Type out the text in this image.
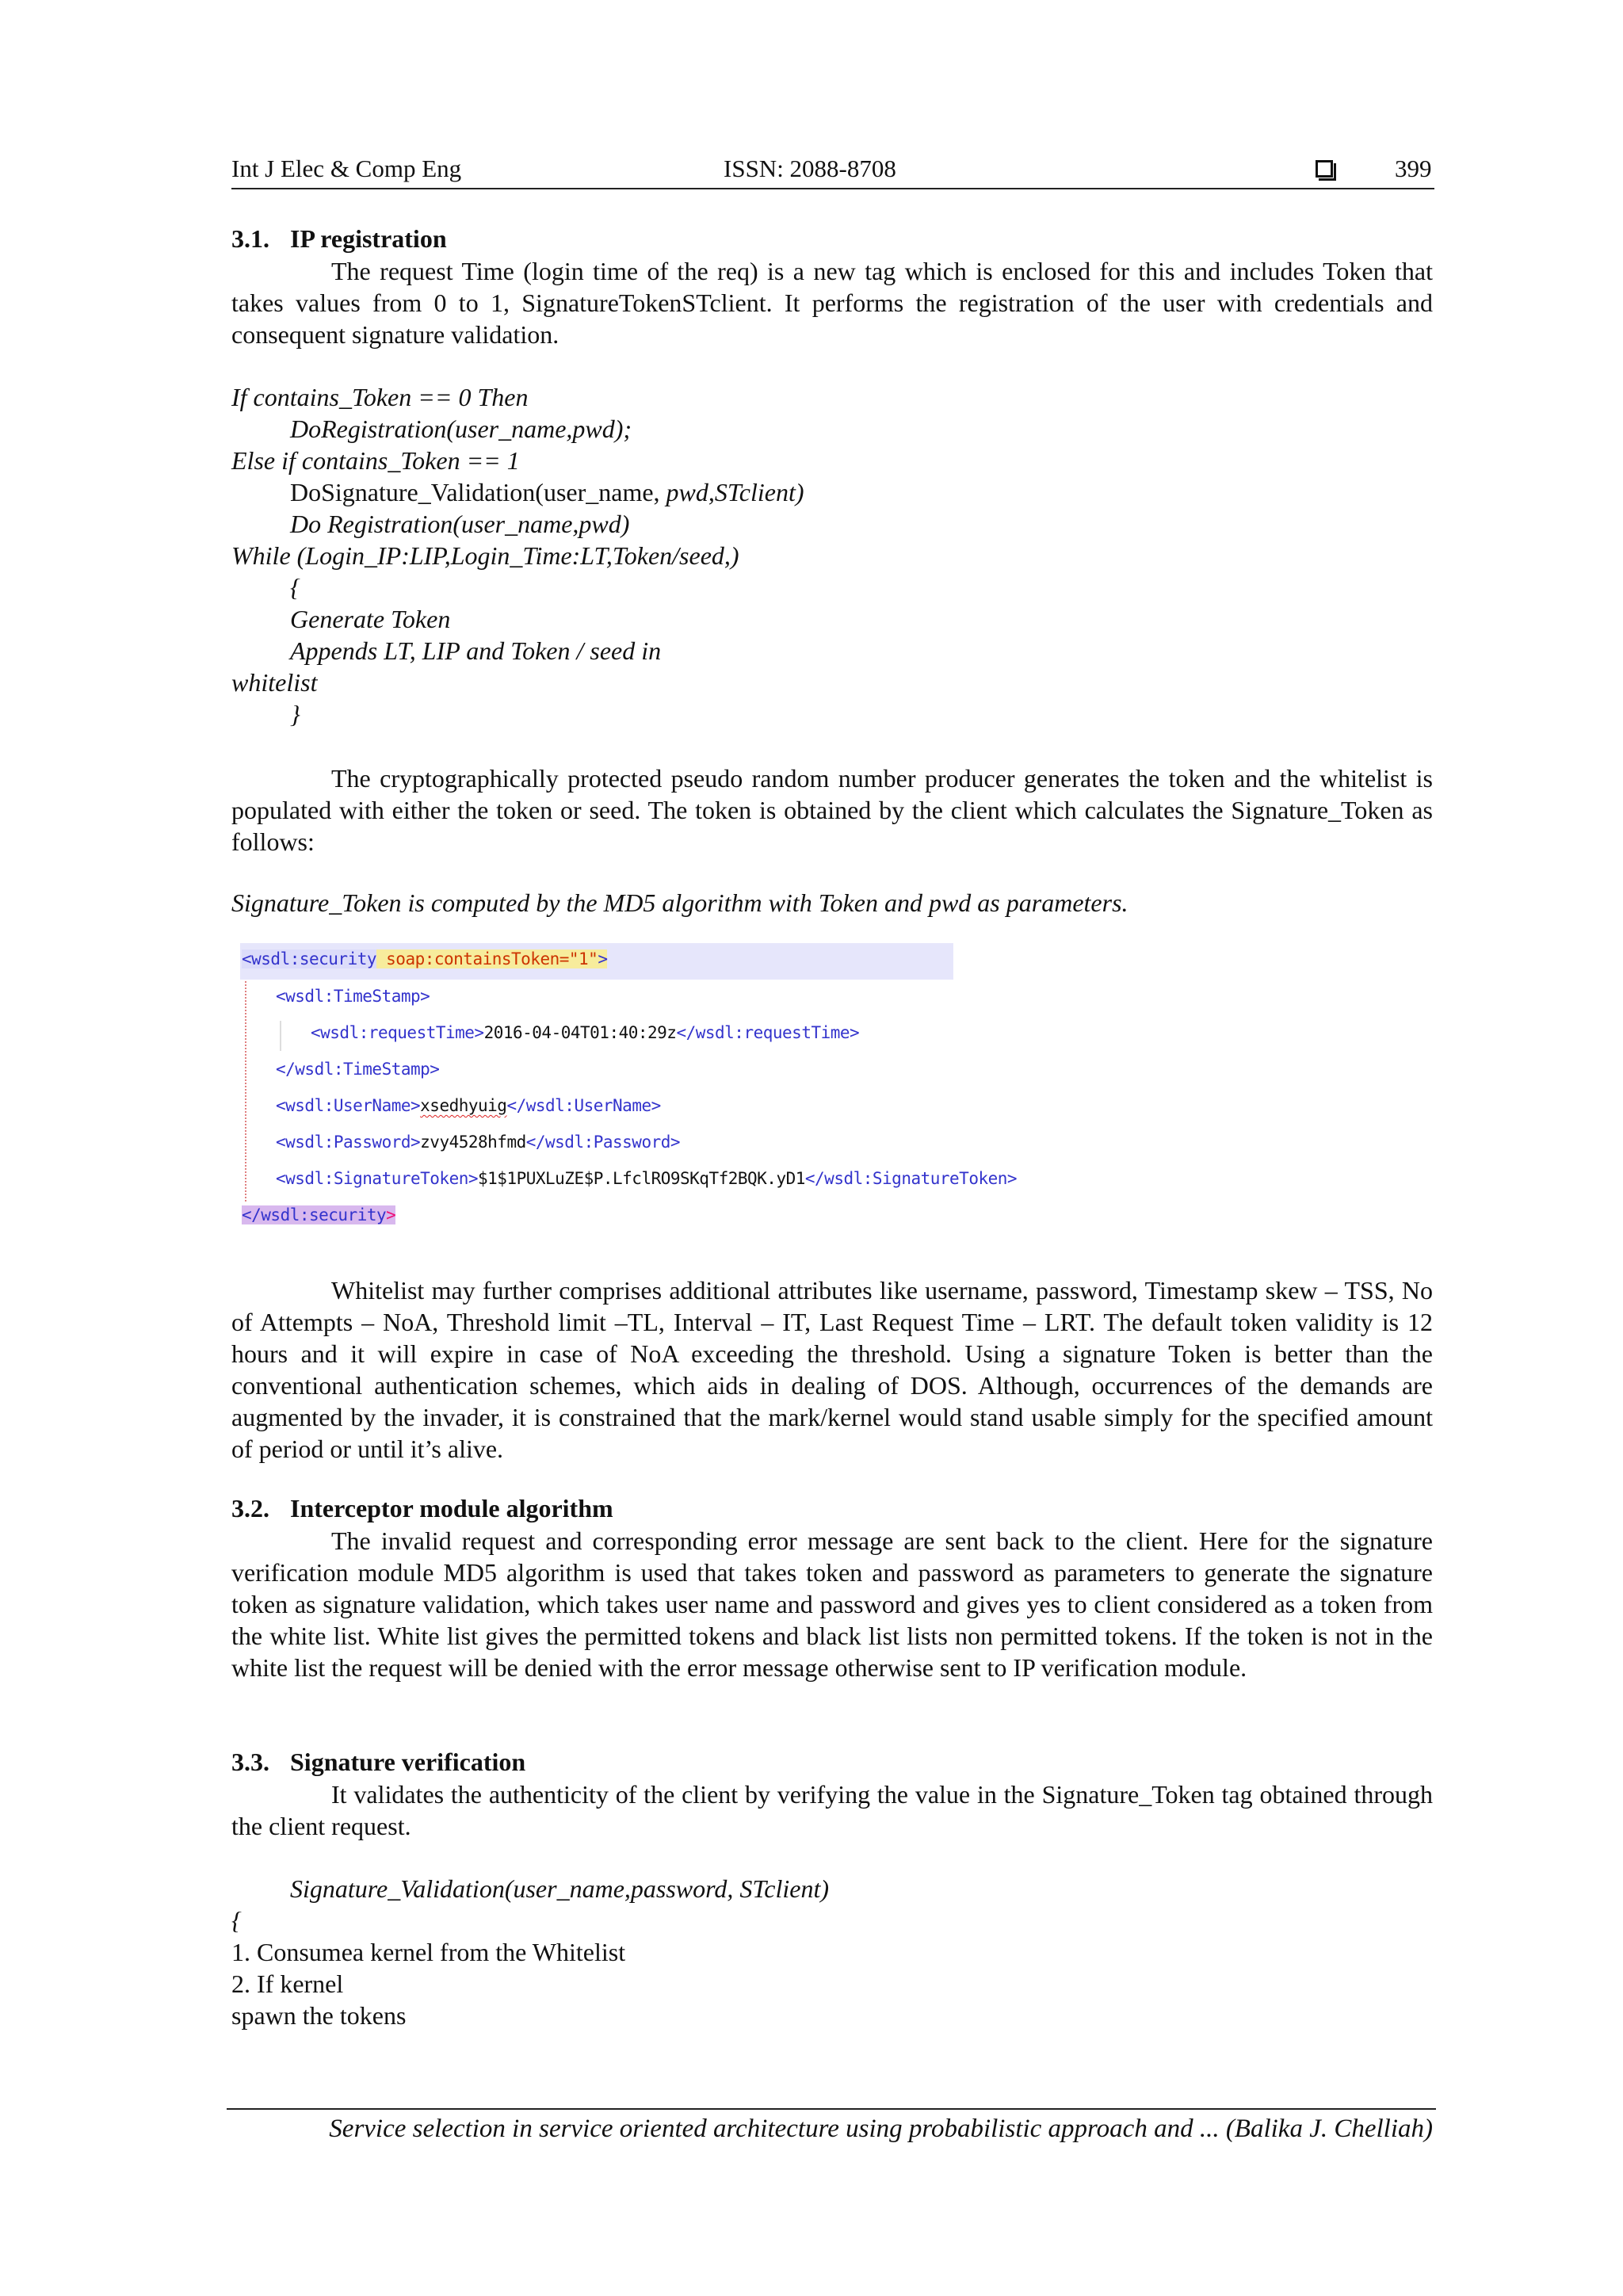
Int J Elec & Comp Eng	ISSN: 2088-8708	399
3.1. IP registration
The request Time (login time of the req) is a new tag which is enclosed for this and includes Token that takes values from 0 to 1, SignatureTokenSTclient. It performs the registration of the user with credentials and consequent signature validation.
If contains_Token == 0 Then
DoRegistration(user_name,pwd);
Else if contains_Token == 1
DoSignature_Validation(user_name, pwd,STclient)
Do Registration(user_name,pwd)
While (Login_IP:LIP,Login_Time:LT,Token/seed,)
{
Generate Token
Appends LT, LIP and Token / seed in
whitelist
}
The cryptographically protected pseudo random number producer generates the token and the whitelist is populated with either the token or seed. The token is obtained by the client which calculates the Signature_Token as follows:
Signature_Token is computed by the MD5 algorithm with Token and pwd as parameters.
<wsdl:security soap:containsToken="1">
<wsdl:TimeStamp>
<wsdl:requestTime>2016-04-04T01:40:29z</wsdl:requestTime>
</wsdl:TimeStamp>
<wsdl:UserName>xsedhyuig</wsdl:UserName>
<wsdl:Password>zvy4528hfmd</wsdl:Password>
<wsdl:SignatureToken>$1$1PUXLuZE$P.LfclRO9SKqTf2BQK.yD1</wsdl:SignatureToken>
</wsdl:security>
Whitelist may further comprises additional attributes like username, password, Timestamp skew – TSS, No of Attempts – NoA, Threshold limit –TL, Interval – IT, Last Request Time – LRT. The default token validity is 12 hours and it will expire in case of NoA exceeding the threshold. Using a signature Token is better than the conventional authentication schemes, which aids in dealing of DOS. Although, occurrences of the demands are augmented by the invader, it is constrained that the mark/kernel would stand usable simply for the specified amount of period or until it’s alive.
3.2. Interceptor module algorithm
The invalid request and corresponding error message are sent back to the client. Here for the signature verification module MD5 algorithm is used that takes token and password as parameters to generate the signature token as signature validation, which takes user name and password and gives yes to client considered as a token from the white list. White list gives the permitted tokens and black list lists non permitted tokens. If the token is not in the white list the request will be denied with the error message otherwise sent to IP verification module.
3.3. Signature verification
It validates the authenticity of the client by verifying the value in the Signature_Token tag obtained through the client request.
Signature_Validation(user_name,password, STclient)
{
1. Consumea kernel from the Whitelist
2. If kernel
spawn the tokens
Service selection in service oriented architecture using probabilistic approach and ... (Balika J. Chelliah)
